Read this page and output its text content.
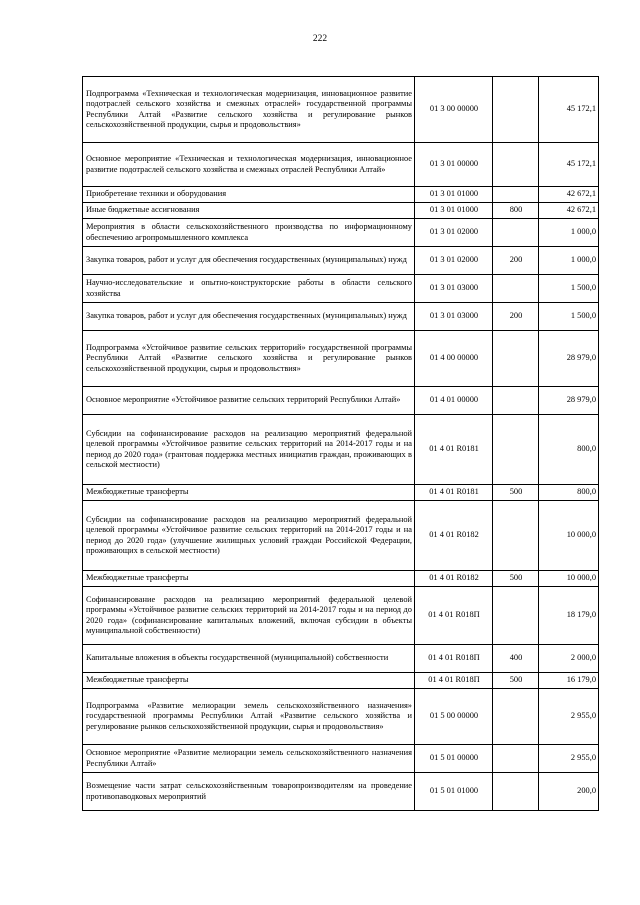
222
Подпрограмма «Техническая и технологическая модернизация, инновационное развитие подотраслей сельского хозяйства и смежных отраслей» государственной программы Республики Алтай «Развитие сельского хозяйства и регулирование рынков сельскохозяйственной продукции, сырья и продовольствия»	01 3 00 00000		45 172,1
Основное мероприятие «Техническая и технологическая модернизация, инновационное развитие подотраслей сельского хозяйства и смежных отраслей Республики Алтай»	01 3 01 00000		45 172,1
Приобретение техники и оборудования	01 3 01 01000		42 672,1
Иные бюджетные ассигнования	01 3 01 01000	800	42 672,1
Мероприятия в области сельскохозяйственного производства по информационному обеспечению агропромышленного комплекса	01 3 01 02000		1 000,0
Закупка товаров, работ и услуг для обеспечения государственных (муниципальных) нужд	01 3 01 02000	200	1 000,0
Научно-исследовательские и опытно-конструкторские работы в области сельского хозяйства	01 3 01 03000		1 500,0
Закупка товаров, работ и услуг для обеспечения государственных (муниципальных) нужд	01 3 01 03000	200	1 500,0
Подпрограмма «Устойчивое развитие сельских территорий» государственной программы Республики Алтай «Развитие сельского хозяйства и регулирование рынков сельскохозяйственной продукции, сырья и продовольствия»	01 4 00 00000		28 979,0
Основное мероприятие «Устойчивое развитие сельских территорий Республики Алтай»	01 4 01 00000		28 979,0
Субсидии на софинансирование расходов на реализацию мероприятий федеральной целевой программы «Устойчивое развитие сельских территорий на 2014-2017 годы и на период до 2020 года» (грантовая поддержка местных инициатив граждан, проживающих в сельской местности)	01 4 01 R0181		800,0
Межбюджетные трансферты	01 4 01 R0181	500	800,0
Субсидии на софинансирование расходов на реализацию мероприятий федеральной целевой программы «Устойчивое развитие сельских территорий на 2014-2017 годы и на период до 2020 года» (улучшение жилищных условий граждан Российской Федерации, проживающих в сельской местности)	01 4 01 R0182		10 000,0
Межбюджетные трансферты	01 4 01 R0182	500	10 000,0
Софинансирование расходов на реализацию мероприятий федеральной целевой программы «Устойчивое развитие сельских территорий на 2014-2017 годы и на период до 2020 года» (софинансирование капитальных вложений, включая субсидии в объекты муниципальной собственности)	01 4 01 R018П		18 179,0
Капитальные вложения в объекты государственной (муниципальной) собственности	01 4 01 R018П	400	2 000,0
Межбюджетные трансферты	01 4 01 R018П	500	16 179,0
Подпрограмма «Развитие мелиорации земель сельскохозяйственного назначения» государственной программы Республики Алтай «Развитие сельского хозяйства и регулирование рынков сельскохозяйственной продукции, сырья и продовольствия»	01 5 00 00000		2 955,0
Основное мероприятие «Развитие мелиорации земель сельскохозяйственного назначения Республики Алтай»	01 5 01 00000		2 955,0
Возмещение части затрат сельскохозяйственным товаропроизводителям на проведение противопаводковых мероприятий	01 5 01 01000		200,0
